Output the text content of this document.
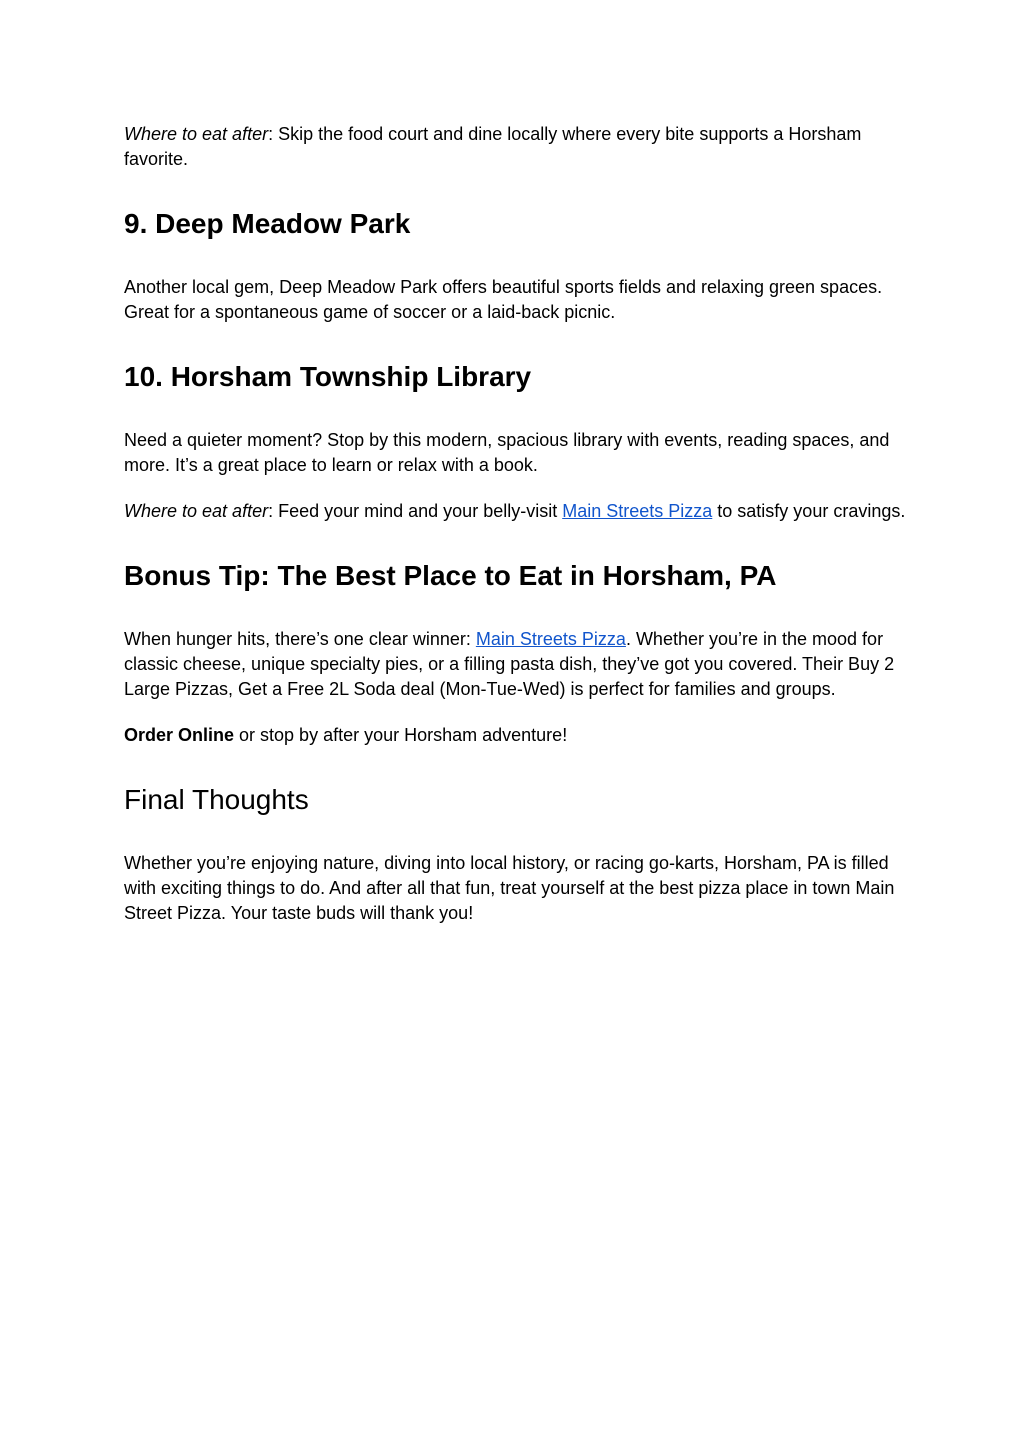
Where to eat after: Skip the food court and dine locally where every bite supports a Horsham favorite.

9. Deep Meadow Park

Another local gem, Deep Meadow Park offers beautiful sports fields and relaxing green spaces. Great for a spontaneous game of soccer or a laid-back picnic.

10. Horsham Township Library

Need a quieter moment? Stop by this modern, spacious library with events, reading spaces, and more. It’s a great place to learn or relax with a book.

Where to eat after: Feed your mind and your belly-visit Main Streets Pizza to satisfy your cravings.

Bonus Tip: The Best Place to Eat in Horsham, PA

When hunger hits, there’s one clear winner: Main Streets Pizza. Whether you’re in the mood for classic cheese, unique specialty pies, or a filling pasta dish, they’ve got you covered. Their Buy 2 Large Pizzas, Get a Free 2L Soda deal (Mon-Tue-Wed) is perfect for families and groups.

Order Online or stop by after your Horsham adventure!

Final Thoughts

Whether you’re enjoying nature, diving into local history, or racing go-karts, Horsham, PA is filled with exciting things to do. And after all that fun, treat yourself at the best pizza place in town Main Street Pizza. Your taste buds will thank you!
